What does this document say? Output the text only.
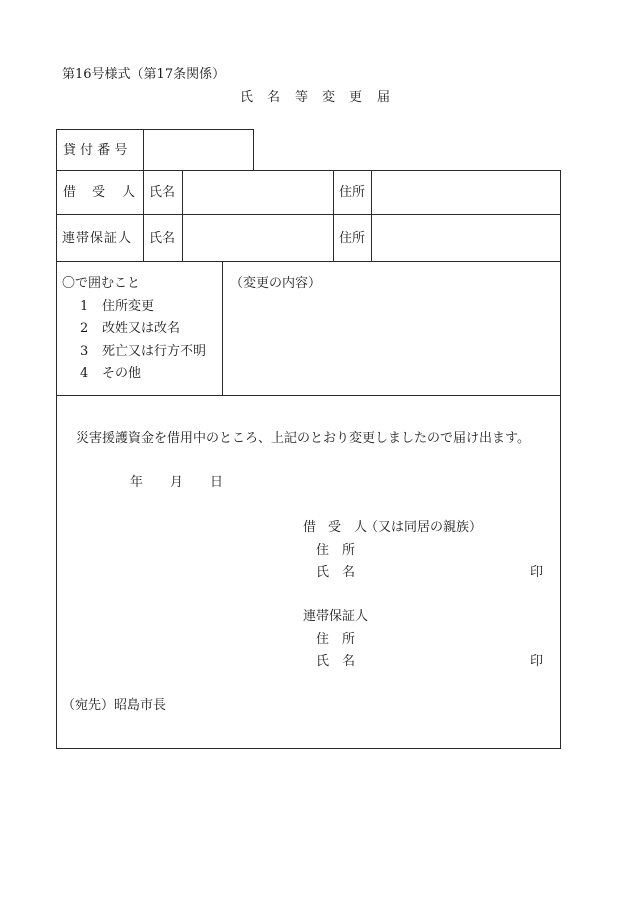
第16号様式（第17条関係）
氏 名 等 変 更 届
貸 付 番 号
借 受 人 氏名	住所
連帯保証人 氏名	住所
〇で囲むこと
1 住所変更
2 改姓又は改名
3 死亡又は行方不明
4 その他
（変更の内容）
災害援護資金を借用中のところ、上記のとおり変更しましたので届け出ます。
年 月 日
借 受 人
（又は同居の親族）
住　所
氏　名	印
連帯保証人
住　所
氏　名	印
（宛先）昭島市長
